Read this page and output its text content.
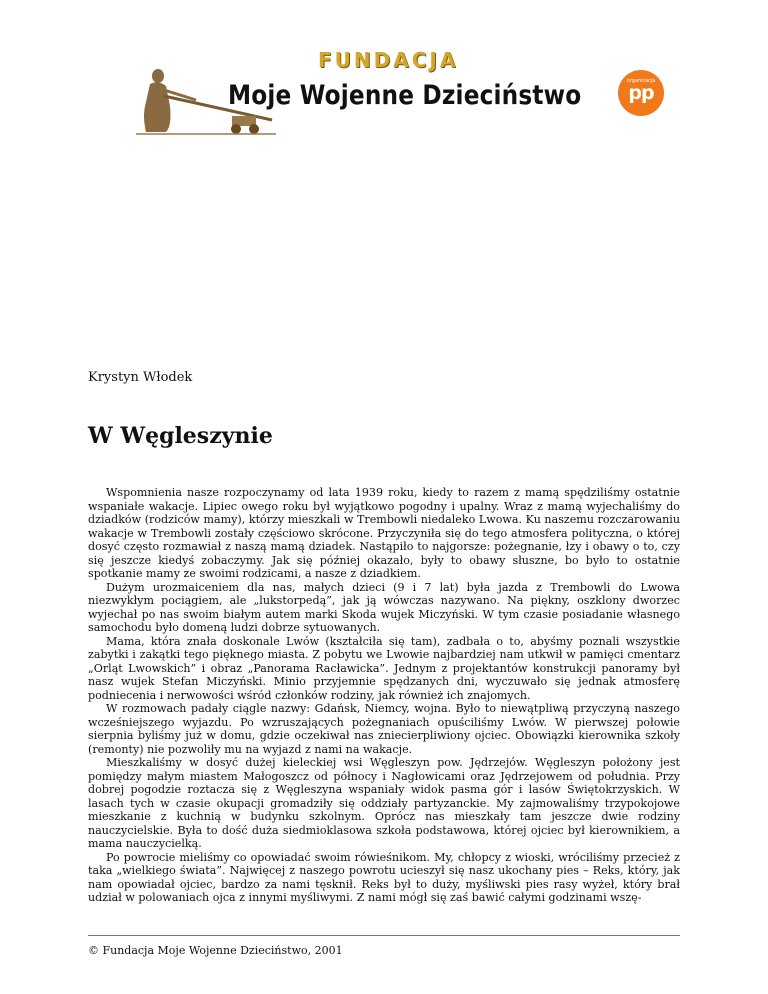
FUNDACJA
Moje Wojenne Dzieciństwo	organizacja
pp
Krystyn Włodek
W Węgleszynie

Wspomnienia nasze rozpoczynamy od lata 1939 roku, kiedy to razem z mamą spędziliśmy ostatnie wspaniałe wakacje. Lipiec owego roku był wyjątkowo pogodny i upalny. Wraz z mamą wyjechaliśmy do dziadków (rodziców mamy), którzy mieszkali w Trembowli niedaleko Lwowa. Ku naszemu rozczarowaniu wakacje w Trembowli zostały częściowo skrócone. Przyczyniła się do tego atmosfera polityczna, o której dosyć często rozmawiał z naszą mamą dziadek. Nastąpiło to najgorsze: pożegnanie, łzy i obawy o to, czy się jeszcze kiedyś zobaczymy. Jak się później okazało, były to obawy słuszne, bo było to ostatnie spotkanie mamy ze swoimi rodzicami, a nasze z dziadkiem.

Dużym urozmaiceniem dla nas, małych dzieci (9 i 7 lat) była jazda z Trembowli do Lwowa niezwykłym pociągiem, ale „lukstorpedą”, jak ją wówczas nazywano. Na piękny, oszklony dworzec wyjechał po nas swoim białym autem marki Skoda wujek Miczyński. W tym czasie posiadanie własnego samochodu było domeną ludzi dobrze sytuowanych.

Mama, która znała doskonale Lwów (kształciła się tam), zadbała o to, abyśmy poznali wszystkie zabytki i zakątki tego pięknego miasta. Z pobytu we Lwowie najbardziej nam utkwił w pamięci cmentarz „Orląt Lwowskich” i obraz „Panorama Racławicka”. Jednym z projektantów konstrukcji panoramy był nasz wujek Stefan Miczyński. Minio przyjemnie spędzanych dni, wyczuwało się jednak atmosferę podniecenia i nerwowości wśród członków rodziny, jak również ich znajomych.

W rozmowach padały ciągle nazwy: Gdańsk, Niemcy, wojna. Było to niewątpliwą przyczyną naszego wcześniejszego wyjazdu. Po wzruszających pożegnaniach opuściliśmy Lwów. W pierwszej połowie sierpnia byliśmy już w domu, gdzie oczekiwał nas zniecierpliwiony ojciec. Obowiązki kierownika szkoły (remonty) nie pozwoliły mu na wyjazd z nami na wakacje.

Mieszkaliśmy w dosyć dużej kieleckiej wsi Węgleszyn pow. Jędrzejów. Węgleszyn położony jest pomiędzy małym miastem Małogoszcz od północy i Nagłowicami oraz Jędrzejowem od południa. Przy dobrej pogodzie roztacza się z Węgleszyna wspaniały widok pasma gór i lasów Świętokrzyskich. W lasach tych w czasie okupacji gromadziły się oddziały partyzanckie. My zajmowaliśmy trzypokojowe mieszkanie z kuchnią w budynku szkolnym. Oprócz nas mieszkały tam jeszcze dwie rodziny nauczycielskie. Była to dość duża siedmioklasowa szkoła podstawowa, której ojciec był kierownikiem, a mama nauczycielką.

Po powrocie mieliśmy co opowiadać swoim rówieśnikom. My, chłopcy z wioski, wróciliśmy przecież z taka „wielkiego świata”. Najwięcej z naszego powrotu ucieszył się nasz ukochany pies – Reks, który, jak nam opowiadał ojciec, bardzo za nami tęsknił. Reks był to duży, myśliwski pies rasy wyżeł, który brał udział w polowaniach ojca z innymi myśliwymi. Z nami mógł się zaś bawić całymi godzinami wszę-

© Fundacja Moje Wojenne Dzieciństwo, 2001
